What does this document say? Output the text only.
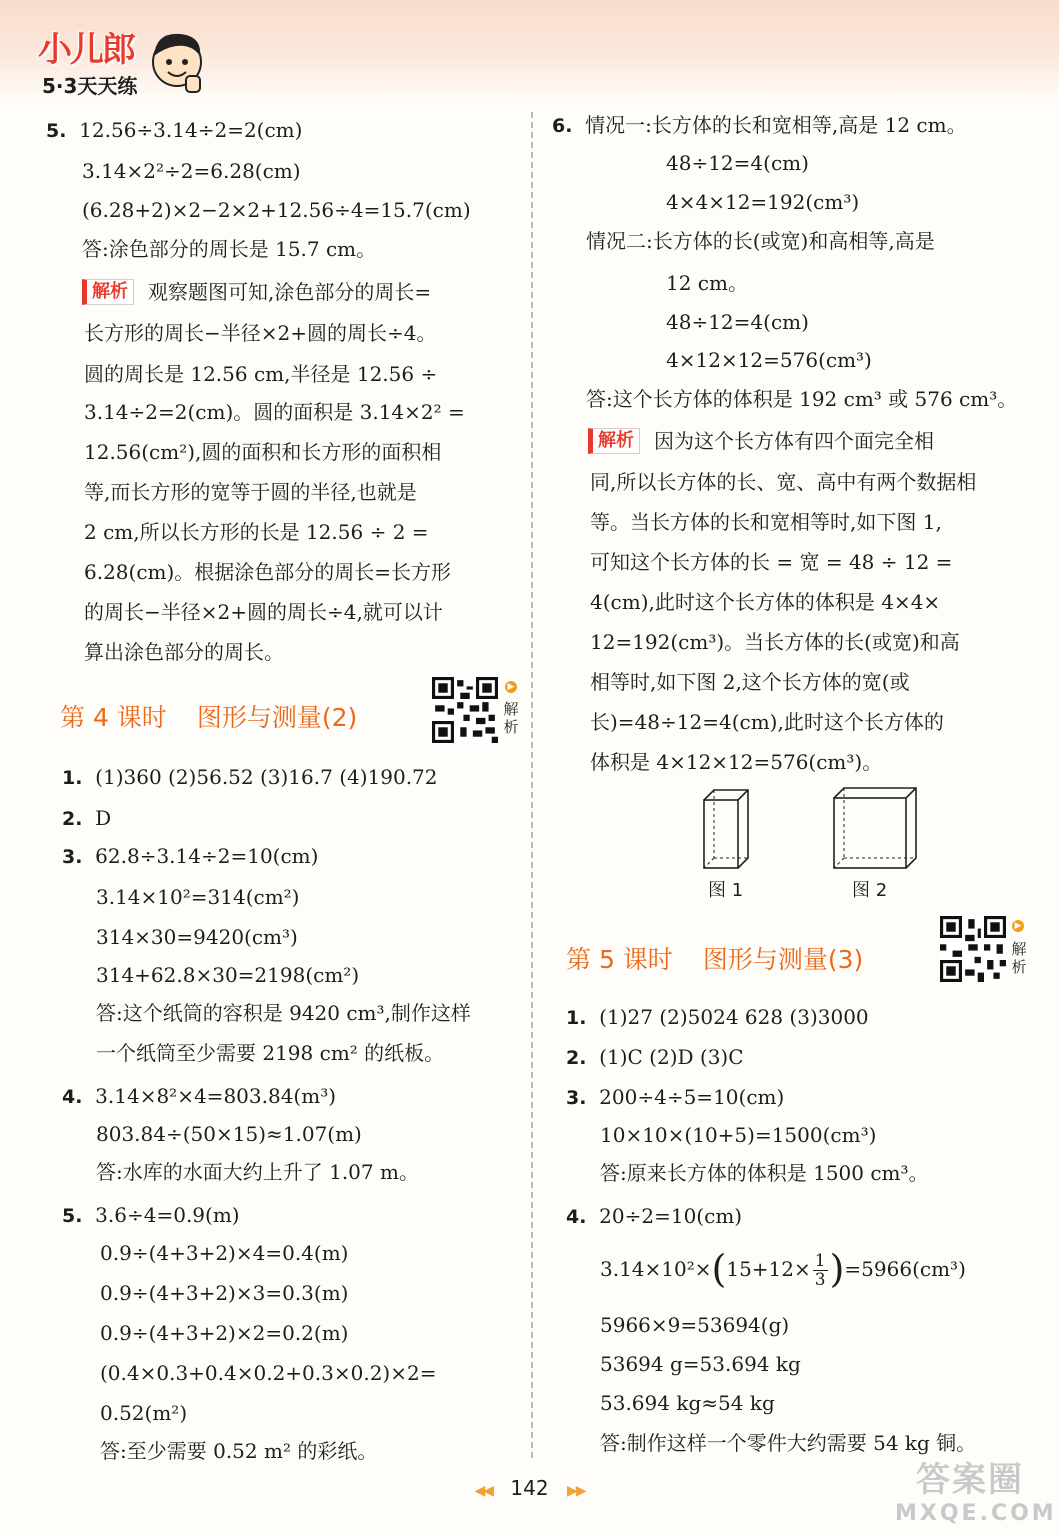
小儿郎
5·3天天练
5. 12.56÷3.14÷2=2(cm)
3.14×2²÷2=6.28(cm)
(6.28+2)×2−2×2+12.56÷4=15.7(cm)
答:涂色部分的周长是 15.7 cm。
解析 观察题图可知,涂色部分的周长=
长方形的周长−半径×2+圆的周长÷4。
圆的周长是 12.56 cm,半径是 12.56 ÷
3.14÷2=2(cm)。圆的面积是 3.14×2² =
12.56(cm²),圆的面积和长方形的面积相
等,而长方形的宽等于圆的半径,也就是
2 cm,所以长方形的长是 12.56 ÷ 2 =
6.28(cm)。根据涂色部分的周长=长方形
的周长−半径×2+圆的周长÷4,就可以计
算出涂色部分的周长。
第 4 课时 图形与测量(2)
▶
解析
1. (1)360 (2)56.52 (3)16.7 (4)190.72
2. D
3. 62.8÷3.14÷2=10(cm)
3.14×10²=314(cm²)
314×30=9420(cm³)
314+62.8×30=2198(cm²)
答:这个纸筒的容积是 9420 cm³,制作这样
一个纸筒至少需要 2198 cm² 的纸板。
4. 3.14×8²×4=803.84(m³)
803.84÷(50×15)≈1.07(m)
答:水库的水面大约上升了 1.07 m。
5. 3.6÷4=0.9(m)
0.9÷(4+3+2)×4=0.4(m)
0.9÷(4+3+2)×3=0.3(m)
0.9÷(4+3+2)×2=0.2(m)
(0.4×0.3+0.4×0.2+0.3×0.2)×2=
0.52(m²)
答:至少需要 0.52 m² 的彩纸。
6. 情况一:长方体的长和宽相等,高是 12 cm。
48÷12=4(cm)
4×4×12=192(cm³)
情况二:长方体的长(或宽)和高相等,高是
12 cm。
48÷12=4(cm)
4×12×12=576(cm³)
答:这个长方体的体积是 192 cm³ 或 576 cm³。
解析 因为这个长方体有四个面完全相
同,所以长方体的长、宽、高中有两个数据相
等。当长方体的长和宽相等时,如下图 1,
可知这个长方体的长 = 宽 = 48 ÷ 12 =
4(cm),此时这个长方体的体积是 4×4×
12=192(cm³)。当长方体的长(或宽)和高
相等时,如下图 2,这个长方体的宽(或
长)=48÷12=4(cm),此时这个长方体的
体积是 4×12×12=576(cm³)。
图 1	图 2
第 5 课时 图形与测量(3)
▶
解析
1. (1)27 (2)5024 628 (3)3000
2. (1)C (2)D (3)C
3. 200÷4÷5=10(cm)
10×10×(10+5)=1500(cm³)
答:原来长方体的体积是 1500 cm³。
4. 20÷2=10(cm)
$3.14\times 10^2\times(15+12\times \frac{1}{3} )=5966(cm^3)$
5966×9=53694(g)
53694 g=53.694 kg
53.694 kg≈54 kg
答:制作这样一个零件大约需要 54 kg 铜。
◀◀ 142 ▶▶	答案圈
MXQE.COM
